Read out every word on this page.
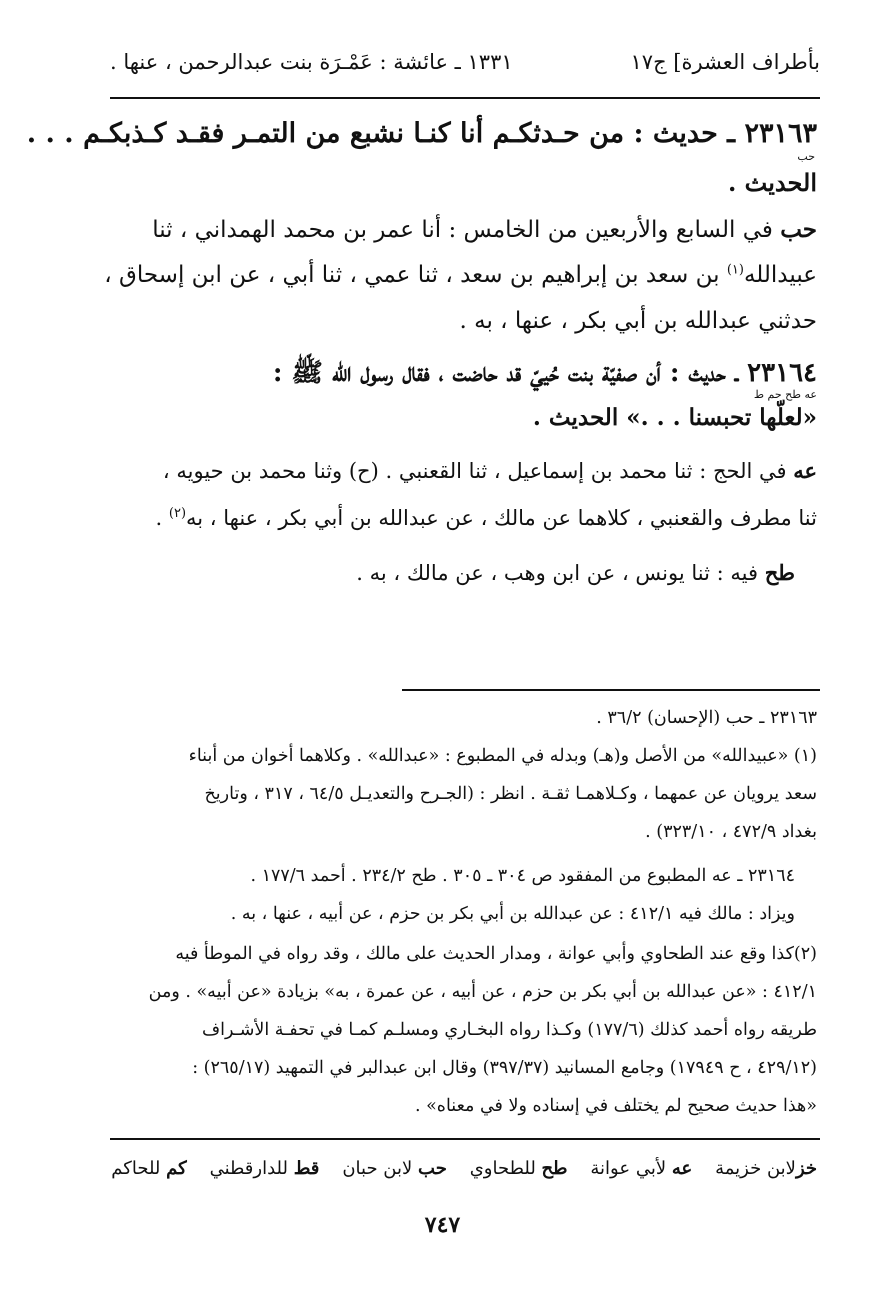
بأطراف العشرة] ج١٧
١٣٣١ ـ عائشة : عَمْـرَة بنت عبدالرحمن ، عنها .
٢٣١٦٣ ـ حديث : من حـدثكـم أنا كنـا نشبع من التمـر فقـد كـذبكـم . . .
حب
الحديث .
حب في السابع والأربعين من الخامس : أنا عمر بن محمد الهمداني ، ثنا
عبيدالله$^{(١)}$ بن سعد بن إبراهيم بن سعد ، ثنا عمي ، ثنا أبي ، عن ابن إسحاق ،
حدثني عبدالله بن أبي بكر ، عنها ، به .
٢٣١٦٤ ـ حديث : أن صفيّة بنت حُييّ قد حاضت ، فقال رسول الله ﷺ :
عه طح حم ط
«لعلّها تحبسنا . . .» الحديث .
عه في الحج : ثنا محمد بن إسماعيل ، ثنا القعنبي . (ح) وثنا محمد بن حيويه ،
ثنا مطرف والقعنبي ، كلاهما عن مالك ، عن عبدالله بن أبي بكر ، عنها ، به$^{(٢)}$ .
طح فيه : ثنا يونس ، عن ابن وهب ، عن مالك ، به .
٢٣١٦٣ ـ حب (الإحسان) ٣٦/٢ .
(١) «عبيدالله» من الأصل و(هـ) وبدله في المطبوع : «عبدالله» . وكلاهما أخوان من أبناء
سعد يرويان عن عمهما ، وكـلاهمـا ثقـة . انظر : (الجـرح والتعديـل ٦٤/٥ ، ٣١٧ ، وتاريخ
بغداد ٤٧٢/٩ ، ٣٢٣/١٠) .
٢٣١٦٤ ـ عه المطبوع من المفقود ص ٣٠٤ ـ ٣٠٥ . طح ٢٣٤/٢ . أحمد ١٧٧/٦ .
ويزاد : مالك فيه ٤١٢/١ : عن عبدالله بن أبي بكر بن حزم ، عن أبيه ، عنها ، به .
(٢)كذا وقع عند الطحاوي وأبي عوانة ، ومدار الحديث على مالك ، وقد رواه في الموطأ فيه
٤١٢/١ : «عن عبدالله بن أبي بكر بن حزم ، عن أبيه ، عن عمرة ، به» بزيادة «عن أبيه» . ومن
طريقه رواه أحمد كذلك (١٧٧/٦) وكـذا رواه البخـاري ومسلـم كمـا في تحفـة الأشـراف
(٤٢٩/١٢ ، ح ١٧٩٤٩) وجامع المسانيد (٣٩٧/٣٧) وقال ابن عبدالبر في التمهيد (٢٦٥/١٧) :
«هذا حديث صحيح لم يختلف في إسناده ولا في معناه» .
خزلابن خزيمة    عه لأبي عوانة    طح للطحاوي    حب لابن حبان    قط للدارقطني    كم للحاكم
٧٤٧
